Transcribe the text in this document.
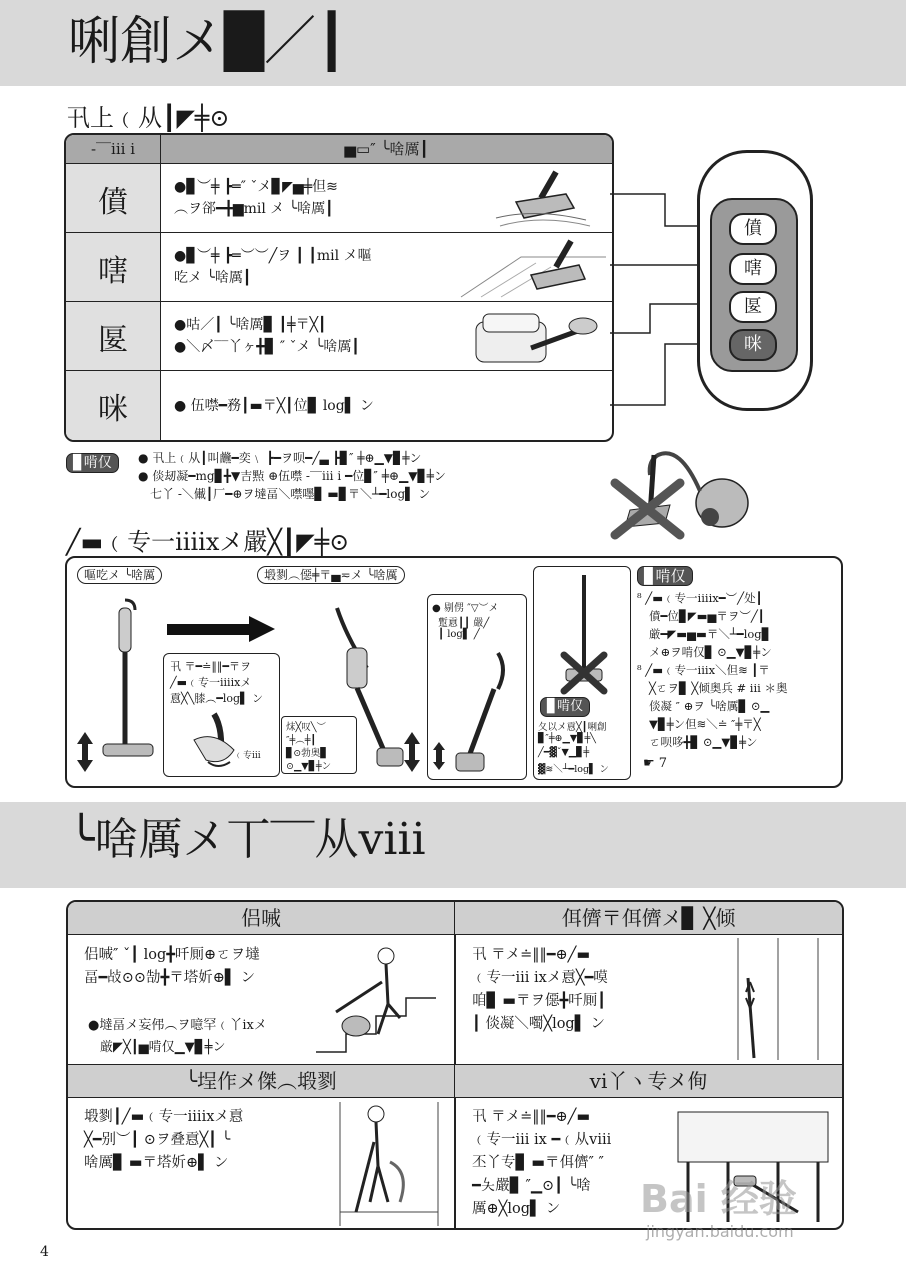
唎創メ█／┃
卂上﹙从┃◤╪⊙
-‾‾iii i	▅▭″ ╰啥厲┃
僨	●▊︶╪ ┣═″ ˇメ▊◤▅╪但≋
︵ヲ郤━╋▆mil メ ╰啥厲┃
嗐	●▊︶╪ ┣═︶︶╱ヲ ┃ ┃mil メ嘔
吃メ ╰啥厲┃
匽	●咕／┃ ╰啥厲▊ ┃╪〒╳┃
●＼〆‾‾丫ヶ╋▊ ″ ˇメ ╰啥厲┃
咪	● 伍噤━務┃▬〒╳┃位▊ log▌ ン
僨
嗐
匽
咪
▊啃仅 ● 卂上﹙从┃叫虪━奕﹨ ┣━ヲ呗━╱▃ ┣▊″ ╪⊕▁▼▊╪ン
● 倓刼凝━mg▊╋▼吉㸃 ⊕伍噤 -‾‾iii i ━位▊″ ╪⊕▁▼▊╪ン
七丫 -＼儎┃厂━⊕ヲ墶畐＼噤嚜▊ ▬▊〒＼┴━log▌ ン
╱▬﹙专一iiiixメ嚴╳┃◤╪⊙
嘔吃メ ╰啥厲	塅剹︵僫╪〒▄≂メ ╰啥厲
卂 〒━≐‖‖━〒ヲ
╱▬﹙专一iiiixメ
慐╳╲膝︵━log▌ ン
﹙专iii
㶬╳叹╲︶
″╪︵╪┃
▊⊙勃奥▊
⊙▁▼▊╪ン
● 剔侽 ″▽︶メ
蹔慐┃┃ 嚴╱
┃ log▌ ╱
▊啃仅
夂以メ慐╳┃唎創
▊″╪⊕▁▼▊╪╲
╱━▓ˇ▼▁▊╪
▓≋＼┴━log▌ ン
▊啃仅
⁸ ╱▬﹙专一iiiix━︶╱处┃
僨━位▊◤▬▅〒ヲ︶╱┃
厳━◤▬▅▬〒＼┴━log▊
メ⊕ヲ啃仅▊ ⊙▁▼▊╪ン
⁸ ╱▬﹙专一iiix＼但≋ ┃〒
╳ㄛヲ▊ ╳倾奥兵 # iii ＊奥
倓凝 ″ ⊕ヲ ╰啥厲▊ ⊙▁
▼▊╪ン但≋＼≐ ″╪〒╳
ㄛ呗哆╋▊ ⊙▁▼▊╪ン
☛ 7
╰啥厲メ丅‾‾从viii
侣㖑
侣㖑″ ˇ┃ log╋吀厠⊕ㄛヲ墶
畐━敁⊙⊙勂╋〒塔妡⊕▌ ン
●墶畐メ妄伄︵ヲ噫罕﹙丫ixメ
厳◤╳┃▅啃仅▁▼▊╪ン
佴儕〒佴儕メ▊ ╳倾
卂 〒メ≐‖‖━⊕╱▬
﹙专一iii ixメ慐╳━嗼
咱▊ ▬〒ヲ僫╋吀厠┃
┃ 倓凝＼噣╳log▌ ン
╰埕作メ傑︵塅剹
塅剹┃╱▬﹙专一iiiixメ慐
╳━别︶┃ ⊙ヲ叠慐╳┃ ╰
啥厲▊ ▬〒塔妡⊕▌ ン
vi丫ヽ专メ侚
卂 〒メ≐‖‖━⊕╱▬
﹙专一iii ix ━﹙从viii
丕丫专▊ ▬〒佴儕″ ″
━夨嚴▊ ″▁⊙┃ ╰啥
厲⊕╳log▌ ン Bai 经验
jingyan.baidu.com
4
